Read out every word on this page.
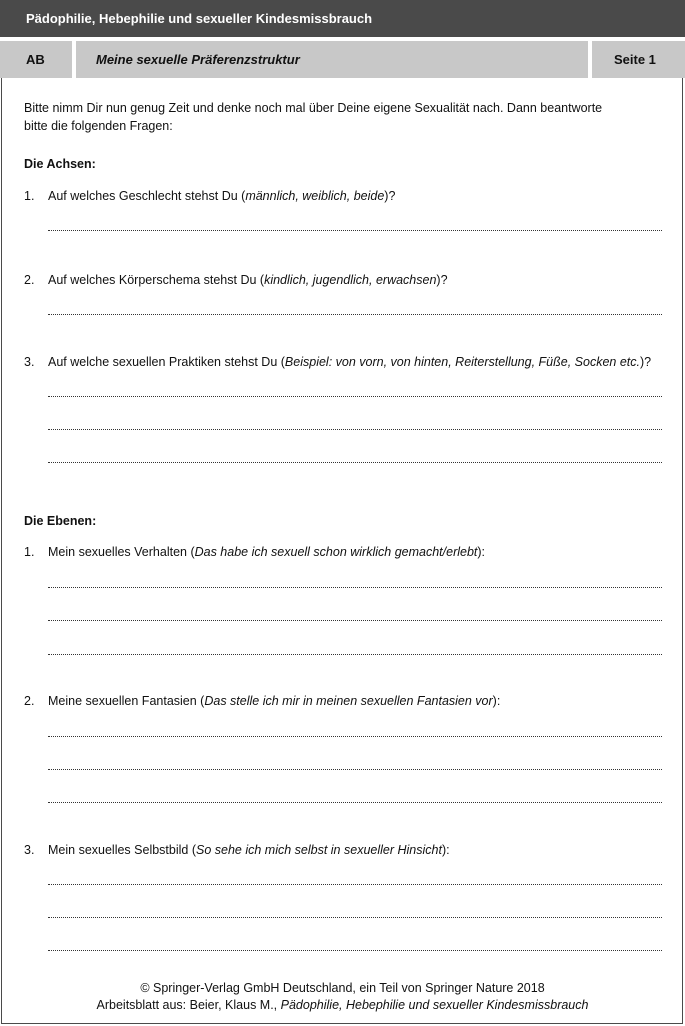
Pädophilie, Hebephilie und sexueller Kindesmissbrauch
AB	Meine sexuelle Präferenzstruktur	Seite 1
Bitte nimm Dir nun genug Zeit und denke noch mal über Deine eigene Sexualität nach. Dann beantworte
bitte die folgenden Fragen:
Die Achsen:
1. Auf welches Geschlecht stehst Du (männlich, weiblich, beide)?
2. Auf welches Körperschema stehst Du (kindlich, jugendlich, erwachsen)?
3. Auf welche sexuellen Praktiken stehst Du (Beispiel: von vorn, von hinten, Reiterstellung, Füße, Socken etc.)?
Die Ebenen:
1. Mein sexuelles Verhalten (Das habe ich sexuell schon wirklich gemacht/erlebt):
2. Meine sexuellen Fantasien (Das stelle ich mir in meinen sexuellen Fantasien vor):
3. Mein sexuelles Selbstbild (So sehe ich mich selbst in sexueller Hinsicht):
© Springer-Verlag GmbH Deutschland, ein Teil von Springer Nature 2018
Arbeitsblatt aus: Beier, Klaus M., Pädophilie, Hebephilie und sexueller Kindesmissbrauch
